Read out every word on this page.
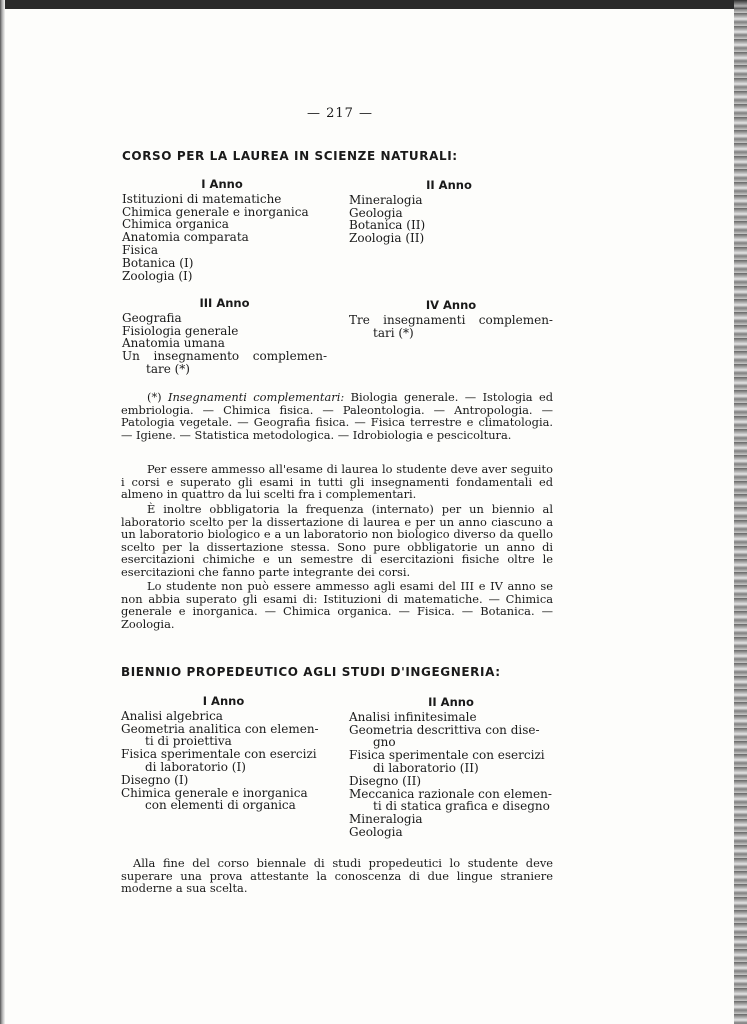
— 217 —
CORSO PER LA LAUREA IN SCIENZE NATURALI:
I Anno
Istituzioni di matematiche
Chimica generale e inorganica
Chimica organica
Anatomia comparata
Fisica
Botanica (I)
Zoologia (I)
II Anno
Mineralogia
Geologia
Botanica (II)
Zoologia (II)
III Anno
Geografia
Fisiologia generale
Anatomia umana
Un insegnamento complemen-
tare (*)
IV Anno
Tre insegnamenti complemen-
tari (*)
(*) Insegnamenti complementari: Biologia generale. — Istologia ed embriologia. — Chimica fisica. — Paleontologia. — Antropologia. — Patologia vegetale. — Geografia fisica. — Fisica terrestre e climatologia. — Igiene. — Statistica metodologica. — Idrobiologia e pescicoltura.
Per essere ammesso all'esame di laurea lo studente deve aver seguito i corsi e superato gli esami in tutti gli insegnamenti fondamentali ed almeno in quattro da lui scelti fra i complementari.
È inoltre obbligatoria la frequenza (internato) per un biennio al laboratorio scelto per la dissertazione di laurea e per un anno ciascuno a un laboratorio biologico e a un laboratorio non biologico diverso da quello scelto per la dissertazione stessa. Sono pure obbligatorie un anno di esercitazioni chimiche e un semestre di esercitazioni fisiche oltre le esercitazioni che fanno parte integrante dei corsi.
Lo studente non può essere ammesso agli esami del III e IV anno se non abbia superato gli esami di: Istituzioni di matematiche. — Chimica generale e inorganica. — Chimica organica. — Fisica. — Botanica. — Zoologia.
BIENNIO PROPEDEUTICO AGLI STUDI D'INGEGNERIA:
I Anno
Analisi algebrica
Geometria analitica con elemen-
ti di proiettiva
Fisica sperimentale con esercizi
di laboratorio (I)
Disegno (I)
Chimica generale e inorganica
con elementi di organica
II Anno
Analisi infinitesimale
Geometria descrittiva con dise-
gno
Fisica sperimentale con esercizi
di laboratorio (II)
Disegno (II)
Meccanica razionale con elemen-
ti di statica grafica e disegno
Mineralogia
Geologia
Alla fine del corso biennale di studi propedeutici lo studente deve superare una prova attestante la conoscenza di due lingue straniere moderne a sua scelta.
